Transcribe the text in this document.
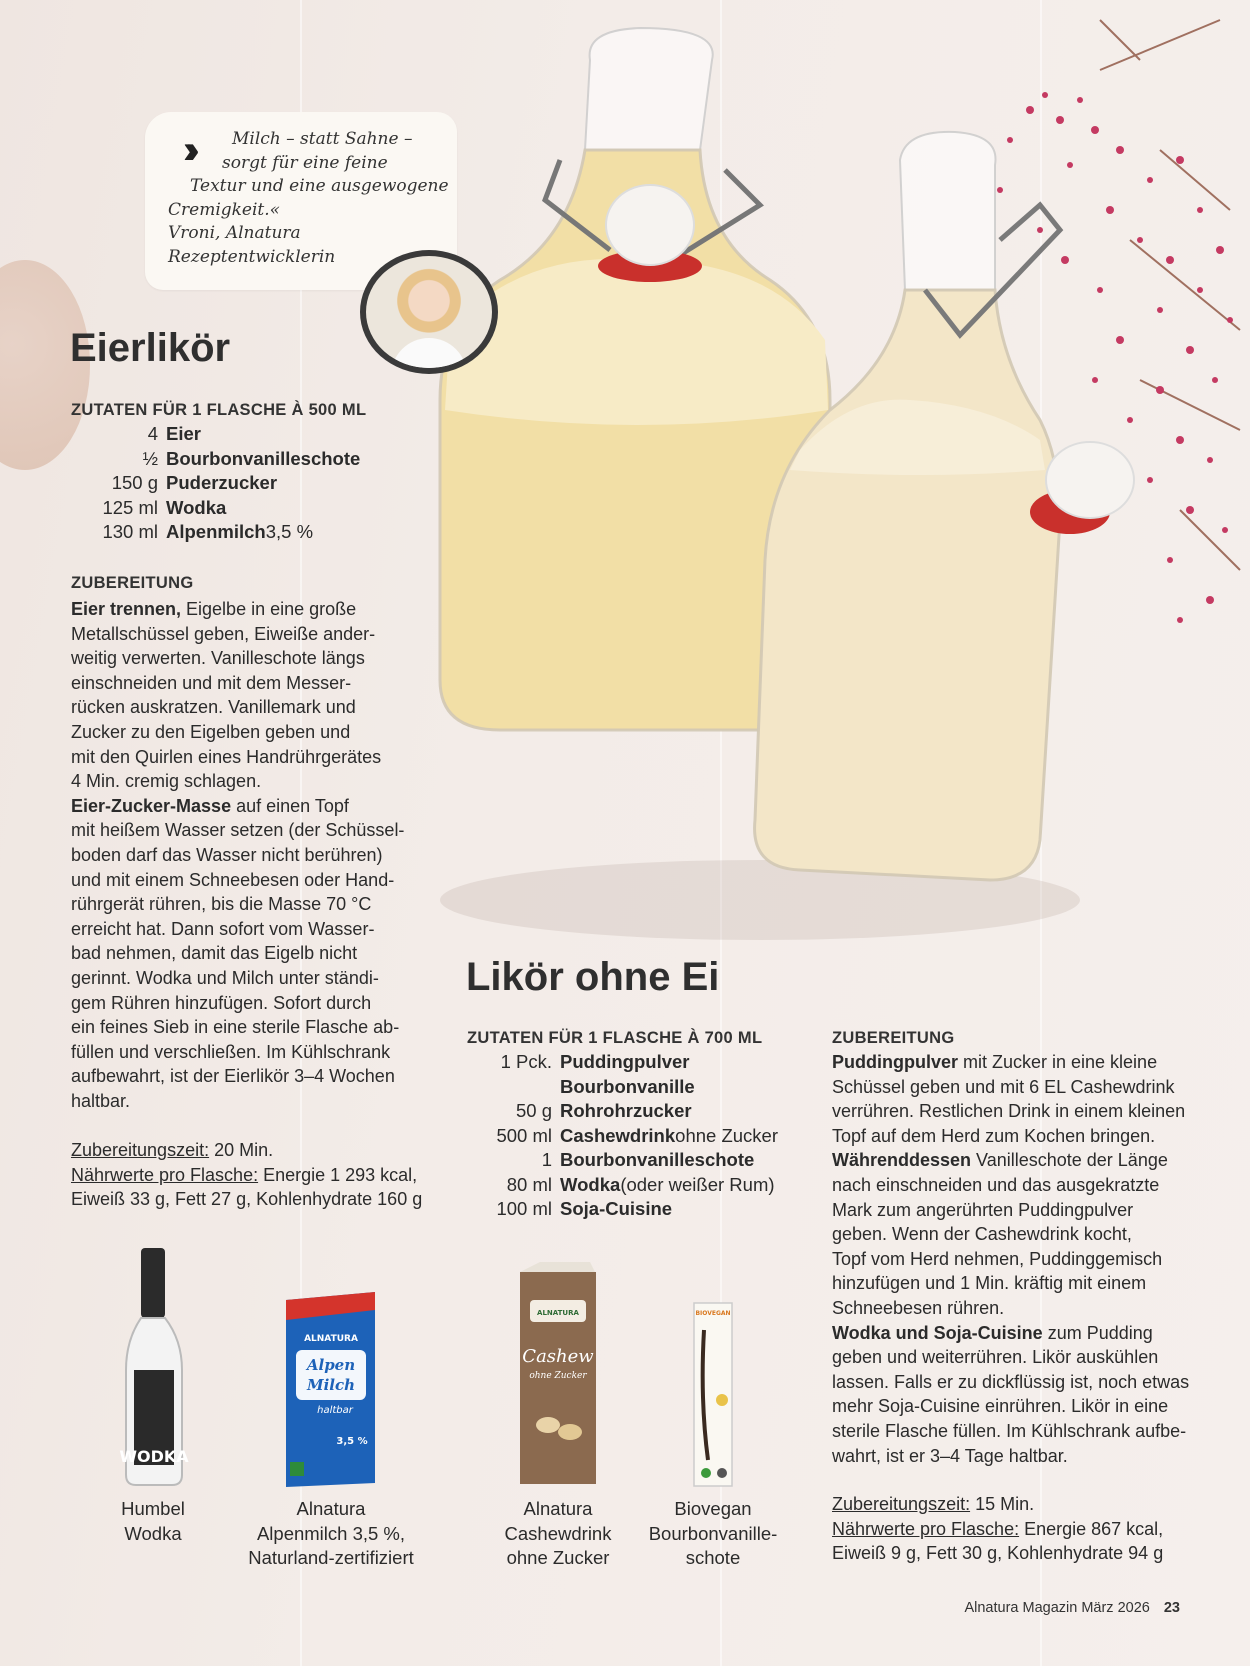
››	Milch – statt Sahne –
sorgt für eine feine
Textur und eine ausgewogene
Cremigkeit.«
Vroni, Alnatura
Rezeptentwicklerin
Eierlikör
ZUTATEN FÜR 1 FLASCHE À 500 ML
4 Eier
½ Bourbonvanilleschote
150 g Puderzucker
125 ml Wodka
130 ml Alpenmilch 3,5 %
ZUBEREITUNG

Eier trennen, Eigelbe in eine große

Metallschüssel geben, Eiweiße ander-

weitig verwerten. Vanilleschote längs

einschneiden und mit dem Messer-

rücken auskratzen. Vanillemark und

Zucker zu den Eigelben geben und

mit den Quirlen eines Handrührgerätes

4 Min. cremig schlagen.

Eier-Zucker-Masse auf einen Topf

mit heißem Wasser setzen (der Schüssel-

boden darf das Wasser nicht berühren)

und mit einem Schneebesen oder Hand-

rührgerät rühren, bis die Masse 70 °C

erreicht hat. Dann sofort vom Wasser-

bad nehmen, damit das Eigelb nicht

gerinnt. Wodka und Milch unter ständi-

gem Rühren hinzufügen. Sofort durch

ein feines Sieb in eine sterile Flasche ab-

füllen und verschließen. Im Kühlschrank

aufbewahrt, ist der Eierlikör 3–4 Wochen

haltbar.

Zubereitungszeit: 20 Min.
Nährwerte pro Flasche: Energie 1 293 kcal,
Eiweiß 33 g, Fett 27 g, Kohlenhydrate 160 g
Likör ohne Ei
ZUTATEN FÜR 1 FLASCHE À 700 ML
1 Pck. Puddingpulver
Bourbonvanille
50 g Rohrohrzucker
500 ml Cashewdrink ohne Zucker
1 Bourbonvanilleschote
80 ml Wodka (oder weißer Rum)
100 ml Soja-Cuisine
ZUBEREITUNG

Puddingpulver mit Zucker in eine kleine

Schüssel geben und mit 6 EL Cashewdrink

verrühren. Restlichen Drink in einem kleinen

Topf auf dem Herd zum Kochen bringen.

Währenddessen Vanilleschote der Länge

nach einschneiden und das ausgekratzte

Mark zum angerührten Puddingpulver

geben. Wenn der Cashewdrink kocht,

Topf vom Herd nehmen, Puddinggemisch

hinzufügen und 1 Min. kräftig mit einem

Schneebesen rühren.

Wodka und Soja-Cuisine zum Pudding

geben und weiterrühren. Likör auskühlen

lassen. Falls er zu dickflüssig ist, noch etwas

mehr Soja-Cuisine einrühren. Likör in eine

sterile Flasche füllen. Im Kühlschrank aufbe-

wahrt, ist er 3–4 Tage haltbar.

Zubereitungszeit: 15 Min.
Nährwerte pro Flasche: Energie 867 kcal,
Eiweiß 9 g, Fett 30 g, Kohlenhydrate 94 g
WODKA
ALNATURA
Alpen
Milch
haltbar
3,5 %
ALNATURA
Cashew
ohne Zucker
BIOVEGAN
Humbel
Wodka
Alnatura
Alpenmilch 3,5 %,
Naturland-zertifiziert
Alnatura
Cashewdrink
ohne Zucker
Biovegan
Bourbonvanille-
schote
Alnatura Magazin März 2026 23
